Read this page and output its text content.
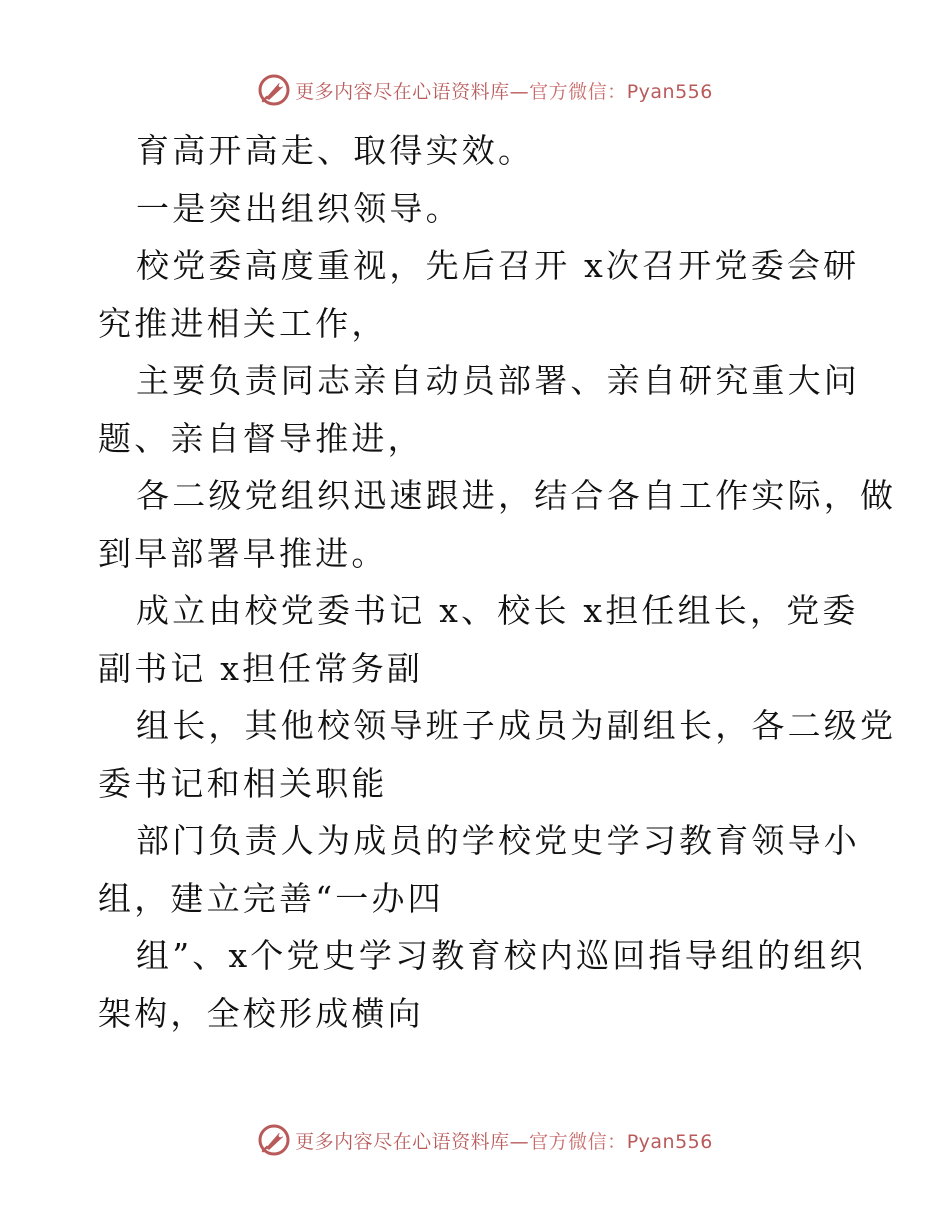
更多内容尽在心语资料库—官方微信：Pyan556
育高开高走、取得实效。
一是突出组织领导。
校党委高度重视，先后召开 x次召开党委会研
究推进相关工作，
主要负责同志亲自动员部署、亲自研究重大问
题、亲自督导推进，
各二级党组织迅速跟进，结合各自工作实际，做
到早部署早推进。
成立由校党委书记 x、校长 x担任组长，党委
副书记 x担任常务副
组长，其他校领导班子成员为副组长，各二级党
委书记和相关职能
部门负责人为成员的学校党史学习教育领导小
组，建立完善“一办四
组”、x个党史学习教育校内巡回指导组的组织
架构，全校形成横向
更多内容尽在心语资料库—官方微信：Pyan556
